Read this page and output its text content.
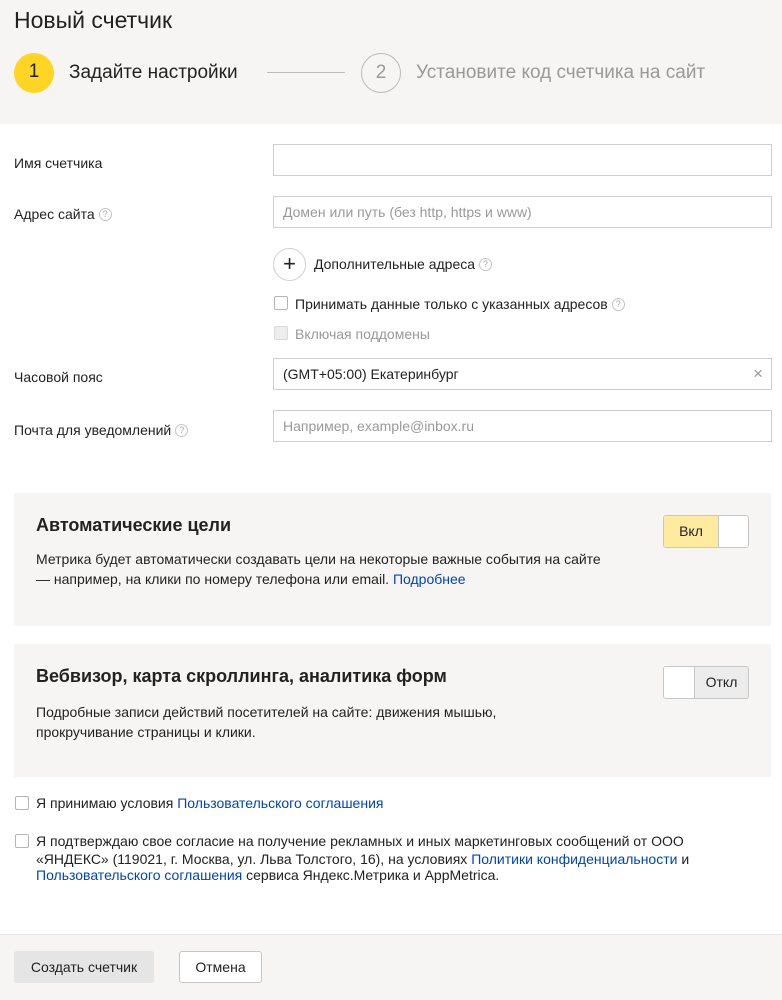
Новый счетчик
1	Задайте настройки	2	Установите код счетчика на сайт
Имя счетчика
Адрес сайта ?	Домен или путь (без http, https и www)
+	Дополнительные адреса ?
Принимать данные только с указанных адресов ?
Включая поддомены
Часовой пояс	(GMT+05:00) Екатеринбург	×
Почта для уведомлений ?	Например, example@inbox.ru
Автоматические цели
Метрика будет автоматически создавать цели на некоторые важные события на сайте — например, на клики по номеру телефона или email. Подробнее
Вкл
Вебвизор, карта скроллинга, аналитика форм
Подробные записи действий посетителей на сайте: движения мышью, прокручивание страницы и клики.
Откл
Я принимаю условия Пользовательского соглашения
Я подтверждаю свое согласие на получение рекламных и иных маркетинговых сообщений от ООО «ЯНДЕКС» (119021, г. Москва, ул. Льва Толстого, 16), на условиях Политики конфиденциальности и
Пользовательского соглашения сервиса Яндекс.Метрика и AppMetrica.
Создать счетчик	Отмена
